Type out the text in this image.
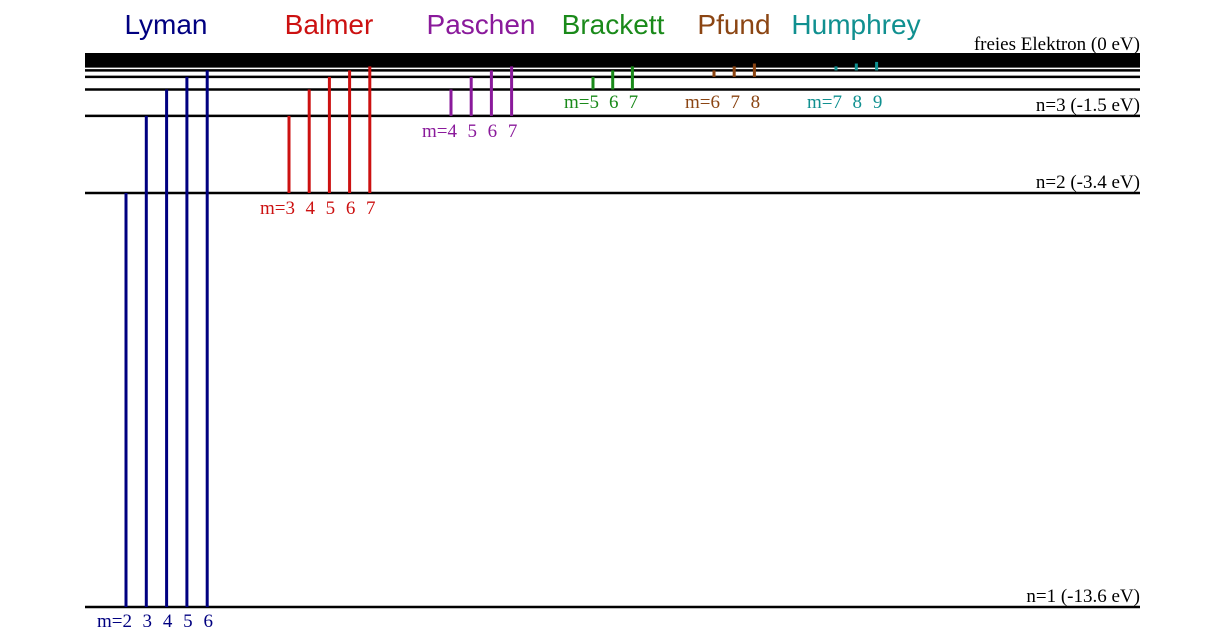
freies Elektron (0 eV)
n=1 (-13.6 eV)
n=2 (-3.4 eV)
n=3 (-1.5 eV)
Lyman
m=2 3 4 5 6
Balmer
m=3 4 5 6 7
Paschen
m=4 5 6 7
Brackett
m=5 6 7
Pfund
m=6 7 8
Humphrey
m=7 8 9
